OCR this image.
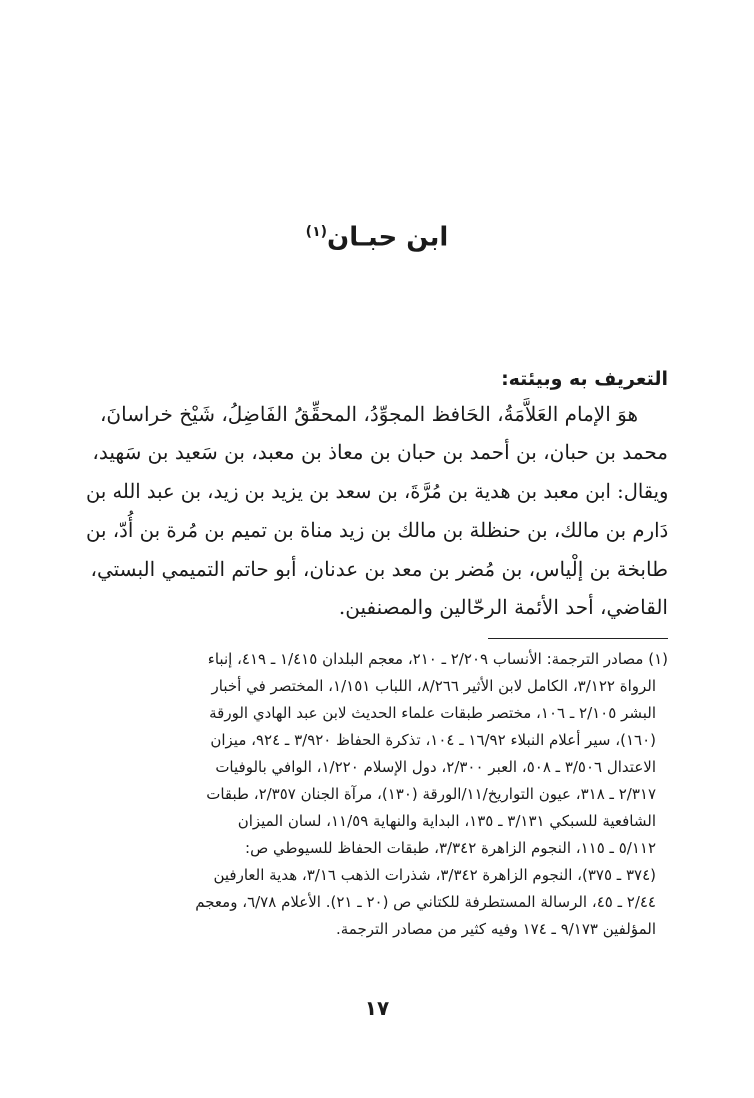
ابن حبـان$^{(١)}$
التعريف به وبيئته:
هوَ الإمام العَلاَّمَةُ، الحَافظ المجوِّدُ، المحقِّقُ الفَاضِلُ، شَيْخ خراسانَ،
محمد بن حبان، بن أحمد بن حبان بن معاذ بن معبد، بن سَعيد بن سَهيد،
ويقال: ابن معبد بن هدية بن مُرَّةَ، بن سعد بن يزيد بن زيد، بن عبد الله بن
دَارم بن مالك، بن حنظلة بن مالك بن زيد مناة بن تميم بن مُرة بن أُدّ، بن
طابخة بن إلْياس، بن مُضر بن معد بن عدنان، أبو حاتم التميمي البستي،
القاضي، أحد الأئمة الرحّالين والمصنفين.
(١) مصادر الترجمة: الأنساب ٢/٢٠٩ ـ ٢١٠، معجم البلدان ١/٤١٥ ـ ٤١٩، إنباء
الرواة ٣/١٢٢، الكامل لابن الأثير ٨/٢٦٦، اللباب ١/١٥١، المختصر في أخبار
البشر ٢/١٠٥ ـ ١٠٦، مختصر طبقات علماء الحديث لابن عبد الهادي الورقة
(١٦٠)، سير أعلام النبلاء ١٦/٩٢ ـ ١٠٤، تذكرة الحفاظ ٣/٩٢٠ ـ ٩٢٤، ميزان
الاعتدال ٣/٥٠٦ ـ ٥٠٨، العبر ٢/٣٠٠، دول الإسلام ١/٢٢٠، الوافي بالوفيات
٢/٣١٧ ـ ٣١٨، عيون التواريخ/١١/الورقة (١٣٠)، مرآة الجنان ٢/٣٥٧، طبقات
الشافعية للسبكي ٣/١٣١ ـ ١٣٥، البداية والنهاية ١١/٥٩، لسان الميزان
٥/١١٢ ـ ١١٥، النجوم الزاهرة ٣/٣٤٢، طبقات الحفاظ للسيوطي ص:
(٣٧٤ ـ ٣٧٥)، النجوم الزاهرة ٣/٣٤٢، شذرات الذهب ٣/١٦، هدية العارفين
٢/٤٤ ـ ٤٥، الرسالة المستطرفة للكتاني ص (٢٠ ـ ٢١). الأعلام ٦/٧٨، ومعجم
المؤلفين ٩/١٧٣ ـ ١٧٤ وفيه كثير من مصادر الترجمة.
١٧
